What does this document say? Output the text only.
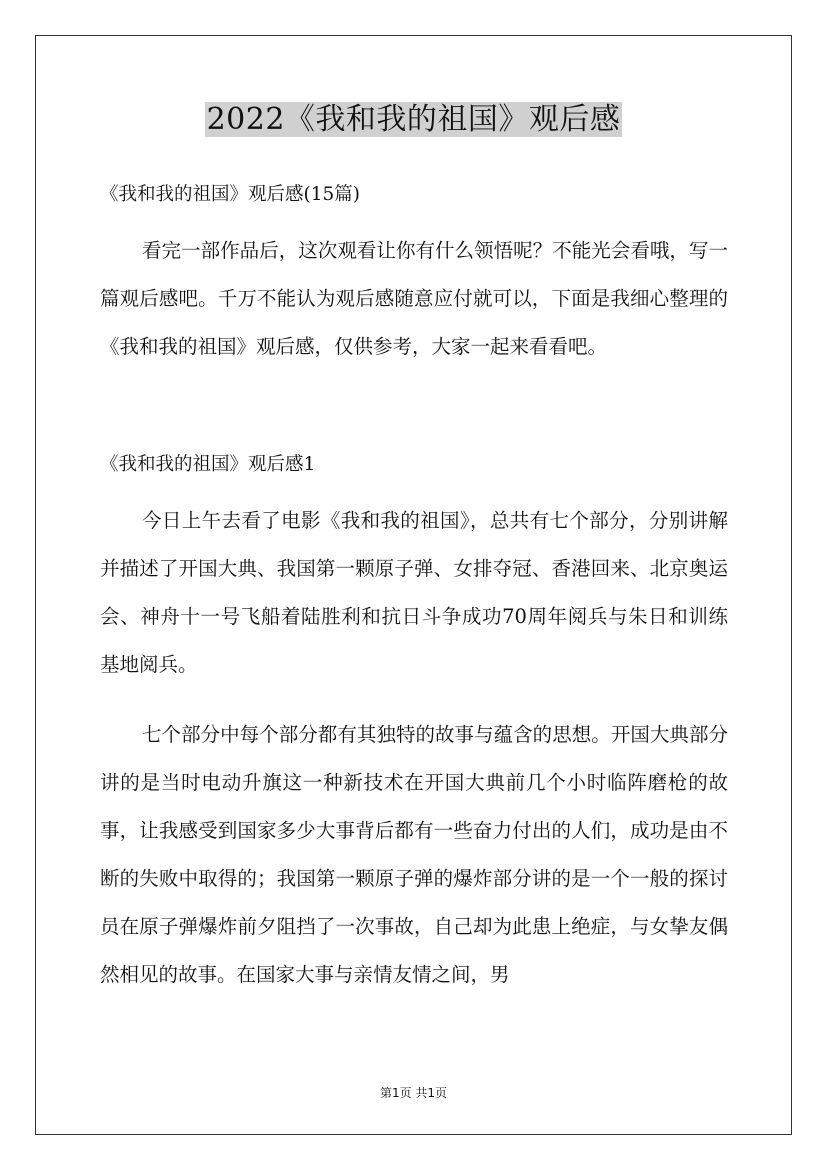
2022《我和我的祖国》观后感

《我和我的祖国》观后感(15篇)

看完一部作品后，这次观看让你有什么领悟呢？不能光会看哦，写一篇观后感吧。千万不能认为观后感随意应付就可以，下面是我细心整理的《我和我的祖国》观后感，仅供参考，大家一起来看看吧。

《我和我的祖国》观后感1

今日上午去看了电影《我和我的祖国》，总共有七个部分，分别讲解并描述了开国大典、我国第一颗原子弹、女排夺冠、香港回来、北京奥运会、神舟十一号飞船着陆胜利和抗日斗争成功70周年阅兵与朱日和训练基地阅兵。

七个部分中每个部分都有其独特的故事与蕴含的思想。开国大典部分讲的是当时电动升旗这一种新技术在开国大典前几个小时临阵磨枪的故事，让我感受到国家多少大事背后都有一些奋力付出的人们，成功是由不断的失败中取得的；我国第一颗原子弹的爆炸部分讲的是一个一般的探讨员在原子弹爆炸前夕阻挡了一次事故，自己却为此患上绝症，与女挚友偶然相见的故事。在国家大事与亲情友情之间，男

第1页 共1页
